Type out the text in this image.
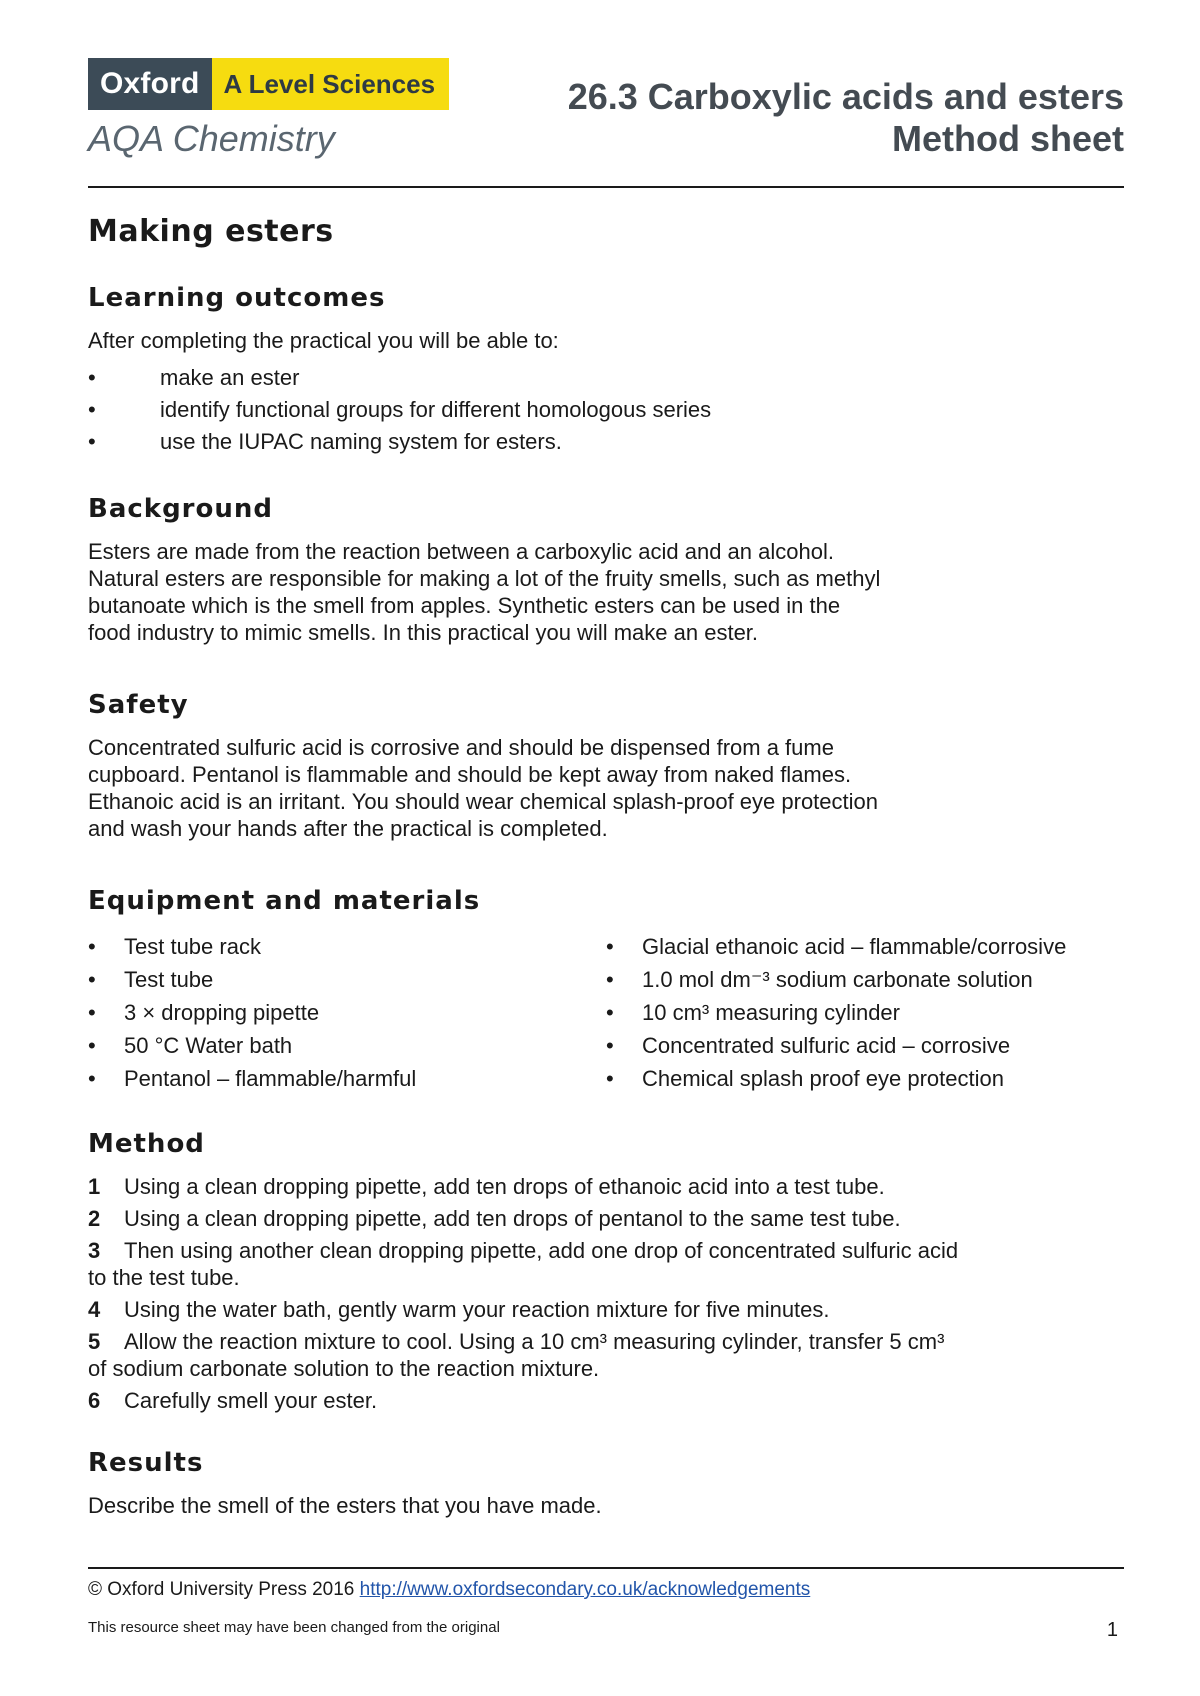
Oxford A Level Sciences
AQA Chemistry
26.3 Carboxylic acids and esters
Method sheet
Making esters
Learning outcomes

After completing the practical you will be able to:

• make an ester
• identify functional groups for different homologous series
• use the IUPAC naming system for esters.
Background

Esters are made from the reaction between a carboxylic acid and an alcohol. Natural esters are responsible for making a lot of the fruity smells, such as methyl butanoate which is the smell from apples. Synthetic esters can be used in the food industry to mimic smells. In this practical you will make an ester.

Safety

Concentrated sulfuric acid is corrosive and should be dispensed from a fume cupboard. Pentanol is flammable and should be kept away from naked flames. Ethanoic acid is an irritant. You should wear chemical splash-proof eye protection and wash your hands after the practical is completed.

Equipment and materials
• Test tube rack
• Test tube
• 3 × dropping pipette
• 50 °C Water bath
• Pentanol – flammable/harmful
• Glacial ethanoic acid – flammable/corrosive
• 1.0 mol dm⁻³ sodium carbonate solution
• 10 cm³ measuring cylinder
• Concentrated sulfuric acid – corrosive
• Chemical splash proof eye protection
Method
1 Using a clean dropping pipette, add ten drops of ethanoic acid into a test tube.
2 Using a clean dropping pipette, add ten drops of pentanol to the same test tube.
3 Then using another clean dropping pipette, add one drop of concentrated sulfuric acid to the test tube.
4 Using the water bath, gently warm your reaction mixture for five minutes.
5 Allow the reaction mixture to cool. Using a 10 cm³ measuring cylinder, transfer 5 cm³ of sodium carbonate solution to the reaction mixture.
6 Carefully smell your ester.
Results

Describe the smell of the esters that you have made.

© Oxford University Press 2016 http://www.oxfordsecondary.co.uk/acknowledgements
This resource sheet may have been changed from the original	1
